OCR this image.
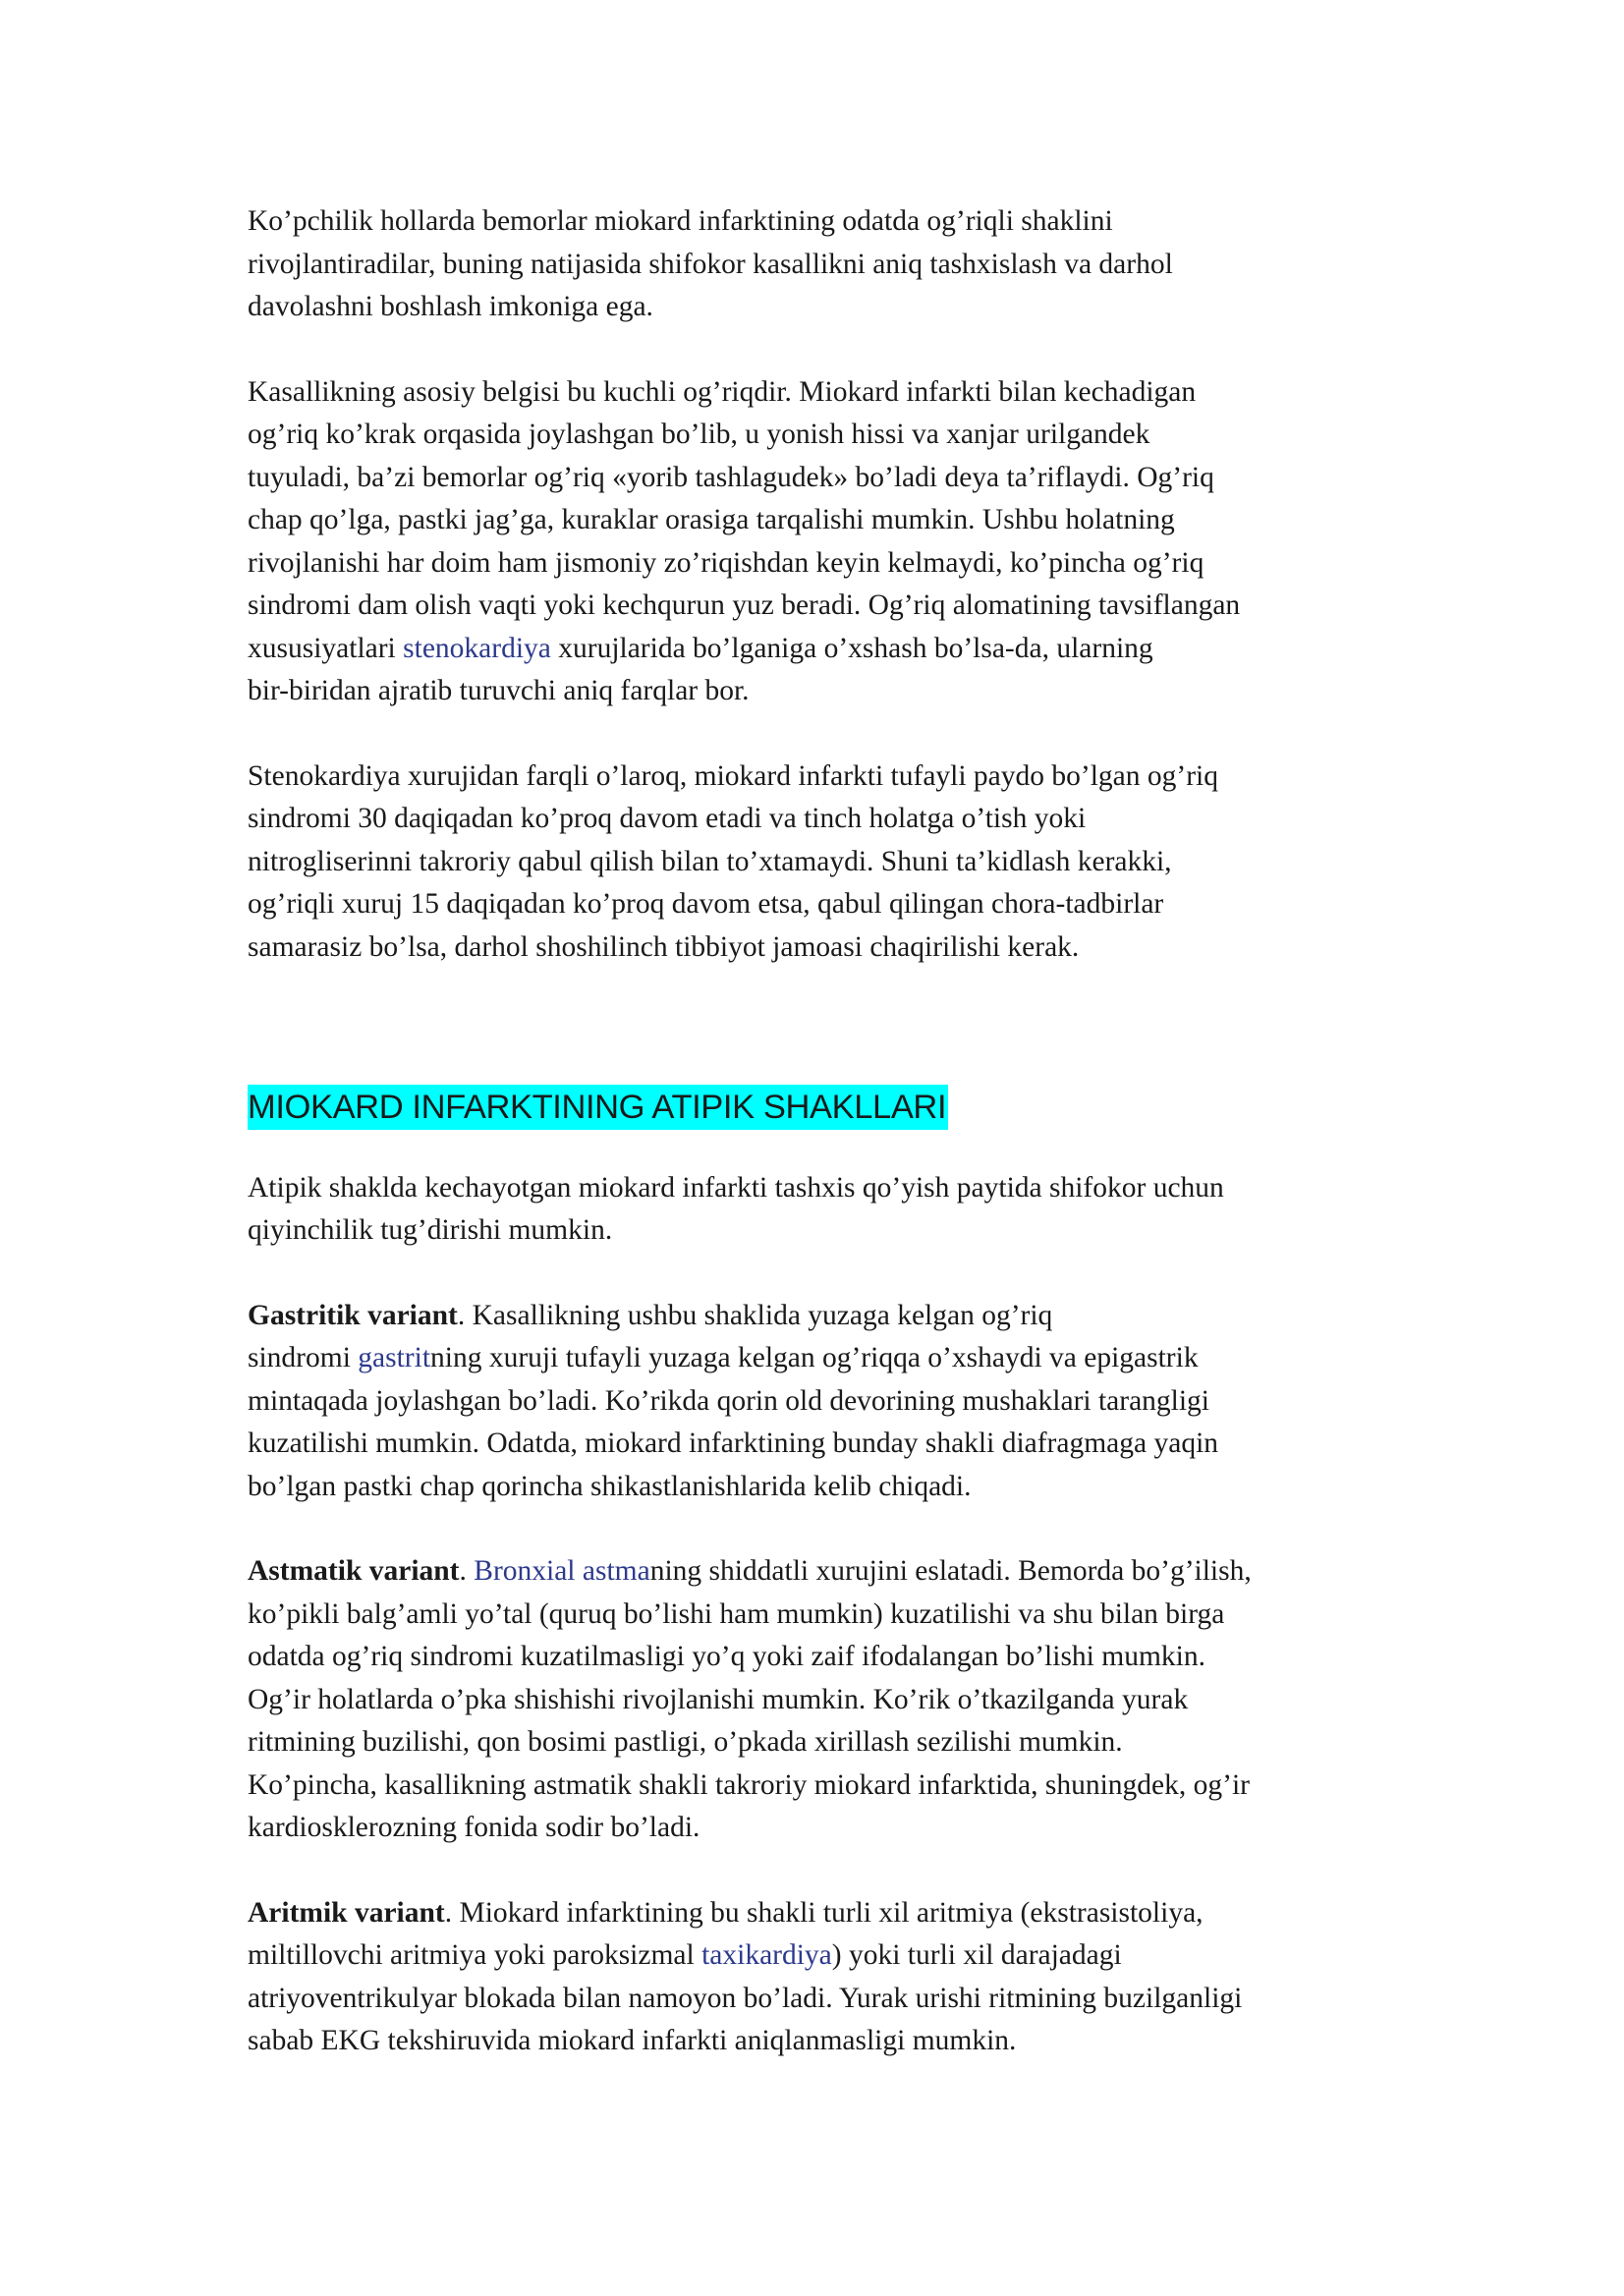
Ko’pchilik hollarda bemorlar miokard infarktining odatda og’riqli shaklini
rivojlantiradilar, buning natijasida shifokor kasallikni aniq tashxislash va darhol
davolashni boshlash imkoniga ega.

Kasallikning asosiy belgisi bu kuchli og’riqdir. Miokard infarkti bilan kechadigan
og’riq ko’krak orqasida joylashgan bo’lib, u yonish hissi va xanjar urilgandek
tuyuladi, ba’zi bemorlar og’riq «yorib tashlagudek» bo’ladi deya ta’riflaydi. Og’riq
chap qo’lga, pastki jag’ga, kuraklar orasiga tarqalishi mumkin. Ushbu holatning
rivojlanishi har doim ham jismoniy zo’riqishdan keyin kelmaydi, ko’pincha og’riq
sindromi dam olish vaqti yoki kechqurun yuz beradi. Og’riq alomatining tavsiflangan
xususiyatlari stenokardiya xurujlarida bo’lganiga o’xshash bo’lsa-da, ularning
bir-biridan ajratib turuvchi aniq farqlar bor.

Stenokardiya xurujidan farqli o’laroq, miokard infarkti tufayli paydo bo’lgan og’riq
sindromi 30 daqiqadan ko’proq davom etadi va tinch holatga o’tish yoki
nitrogliserinni takroriy qabul qilish bilan to’xtamaydi. Shuni ta’kidlash kerakki,
og’riqli xuruj 15 daqiqadan ko’proq davom etsa, qabul qilingan chora-tadbirlar
samarasiz bo’lsa, darhol shoshilinch tibbiyot jamoasi chaqirilishi kerak.

MIOKARD INFARKTINING ATIPIK SHAKLLARI

Atipik shaklda kechayotgan miokard infarkti tashxis qo’yish paytida shifokor uchun
qiyinchilik tug’dirishi mumkin.

Gastritik variant. Kasallikning ushbu shaklida yuzaga kelgan og’riq
sindromi gastritning xuruji tufayli yuzaga kelgan og’riqqa o’xshaydi va epigastrik
mintaqada joylashgan bo’ladi. Ko’rikda qorin old devorining mushaklari tarangligi
kuzatilishi mumkin. Odatda, miokard infarktining bunday shakli diafragmaga yaqin
bo’lgan pastki chap qorincha shikastlanishlarida kelib chiqadi.

Astmatik variant. Bronxial astmaning shiddatli xurujini eslatadi. Bemorda bo’g’ilish,
ko’pikli balg’amli yo’tal (quruq bo’lishi ham mumkin) kuzatilishi va shu bilan birga
odatda og’riq sindromi kuzatilmasligi yo’q yoki zaif ifodalangan bo’lishi mumkin.
Og’ir holatlarda o’pka shishishi rivojlanishi mumkin. Ko’rik o’tkazilganda yurak
ritmining buzilishi, qon bosimi pastligi, o’pkada xirillash sezilishi mumkin.
Ko’pincha, kasallikning astmatik shakli takroriy miokard infarktida, shuningdek, og’ir
kardiosklerozning fonida sodir bo’ladi.

Aritmik variant. Miokard infarktining bu shakli turli xil aritmiya (ekstrasistoliya,
miltillovchi aritmiya yoki paroksizmal taxikardiya) yoki turli xil darajadagi
atriyoventrikulyar blokada bilan namoyon bo’ladi. Yurak urishi ritmining buzilganligi
sabab EKG tekshiruvida miokard infarkti aniqlanmasligi mumkin.
